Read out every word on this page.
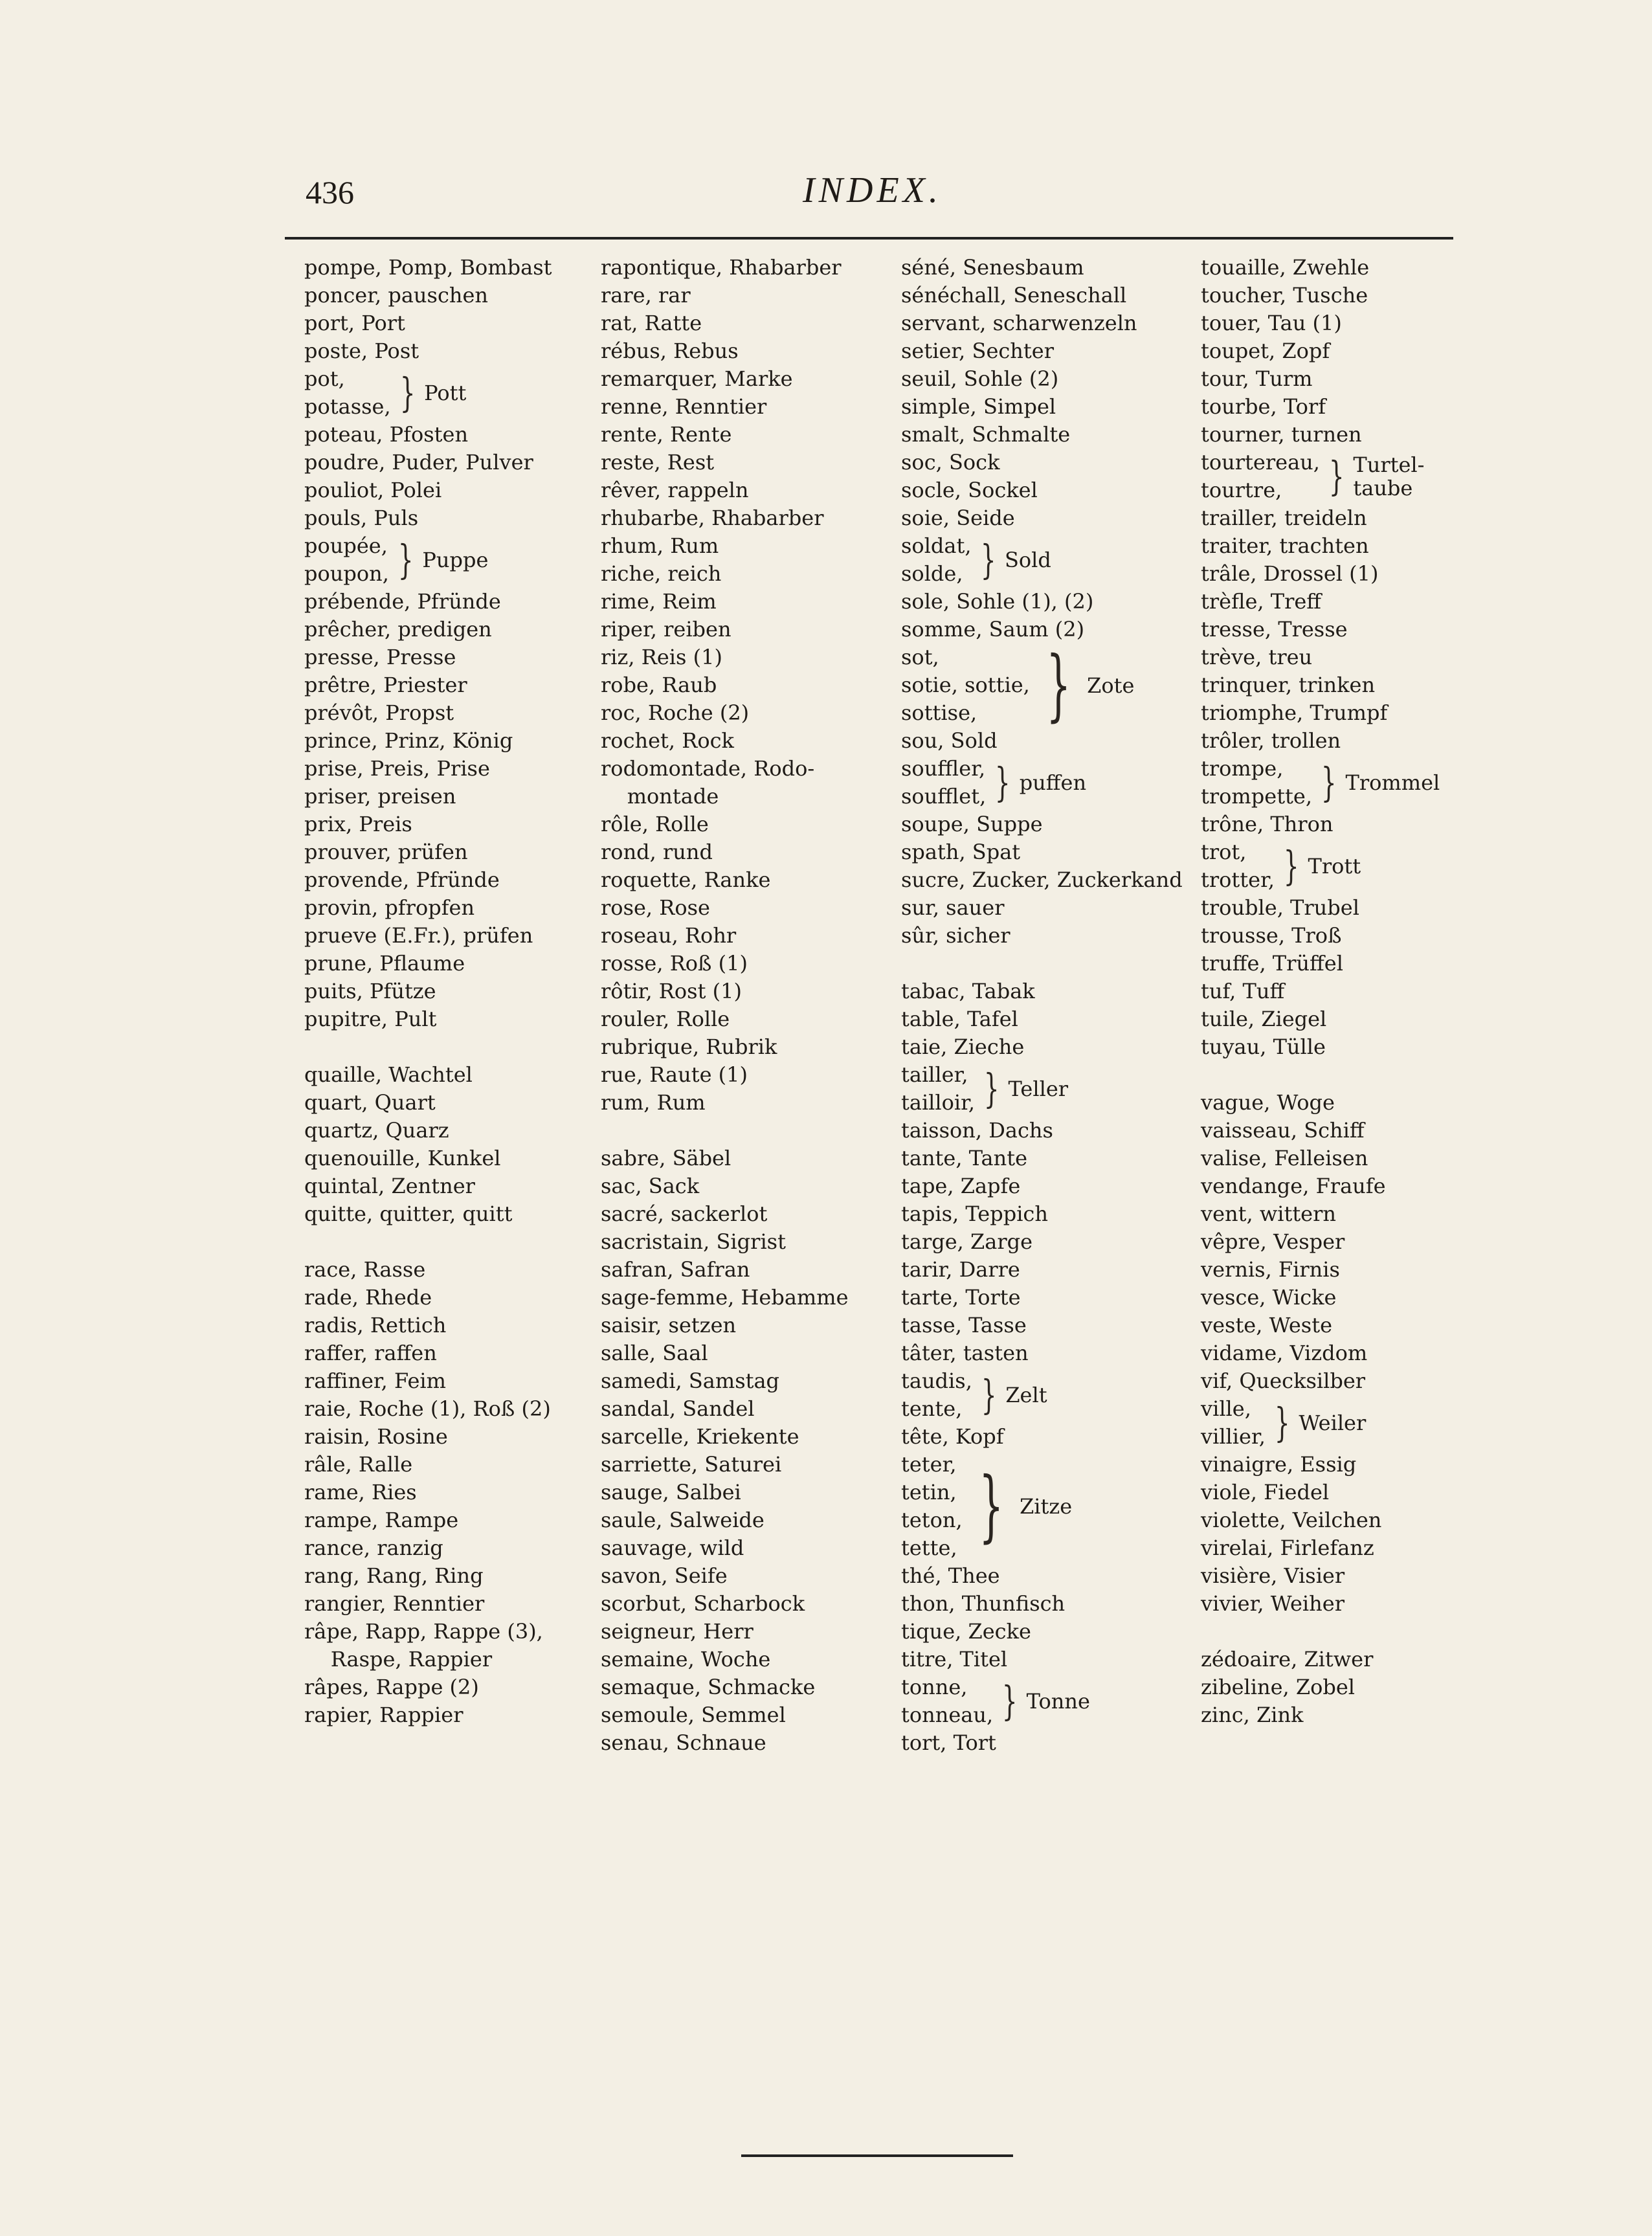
436	INDEX.
pompe, Pomp, Bombast
poncer, pauschen
port, Port
poste, Post
pot,
potasse, } Pott
poteau, Pfosten
poudre, Puder, Pulver
pouliot, Polei
pouls, Puls
poupée,
poupon, } Puppe
prébende, Pfründe
prêcher, predigen
presse, Presse
prêtre, Priester
prévôt, Propst
prince, Prinz, König
prise, Preis, Prise
priser, preisen
prix, Preis
prouver, prüfen
provende, Pfründe
provin, pfropfen
prueve (E.Fr.), prüfen
prune, Pflaume
puits, Pfütze
pupitre, Pult
quaille, Wachtel
quart, Quart
quartz, Quarz
quenouille, Kunkel
quintal, Zentner
quitte, quitter, quitt
race, Rasse
rade, Rhede
radis, Rettich
raffer, raffen
raffiner, Feim
raie, Roche (1), Roß (2)
raisin, Rosine
râle, Ralle
rame, Ries
rampe, Rampe
rance, ranzig
rang, Rang, Ring
rangier, Renntier
râpe, Rapp, Rappe (3),
Raspe, Rappier
râpes, Rappe (2)
rapier, Rappier
rapontique, Rhabarber
rare, rar
rat, Ratte
rébus, Rebus
remarquer, Marke
renne, Renntier
rente, Rente
reste, Rest
rêver, rappeln
rhubarbe, Rhabarber
rhum, Rum
riche, reich
rime, Reim
riper, reiben
riz, Reis (1)
robe, Raub
roc, Roche (2)
rochet, Rock
rodomontade, Rodo-
montade
rôle, Rolle
rond, rund
roquette, Ranke
rose, Rose
roseau, Rohr
rosse, Roß (1)
rôtir, Rost (1)
rouler, Rolle
rubrique, Rubrik
rue, Raute (1)
rum, Rum
sabre, Säbel
sac, Sack
sacré, sackerlot
sacristain, Sigrist
safran, Safran
sage-femme, Hebamme
saisir, setzen
salle, Saal
samedi, Samstag
sandal, Sandel
sarcelle, Kriekente
sarriette, Saturei
sauge, Salbei
saule, Salweide
sauvage, wild
savon, Seife
scorbut, Scharbock
seigneur, Herr
semaine, Woche
semaque, Schmacke
semoule, Semmel
senau, Schnaue
séné, Senesbaum
sénéchall, Seneschall
servant, scharwenzeln
setier, Sechter
seuil, Sohle (2)
simple, Simpel
smalt, Schmalte
soc, Sock
socle, Sockel
soie, Seide
soldat,
solde, } Sold
sole, Sohle (1), (2)
somme, Saum (2)
sot,
sotie, sottie,
sottise, } Zote
sou, Sold
souffler,
soufflet, } puffen
soupe, Suppe
spath, Spat
sucre, Zucker, Zuckerkand
sur, sauer
sûr, sicher
tabac, Tabak
table, Tafel
taie, Zieche
tailler,
tailloir, } Teller
taisson, Dachs
tante, Tante
tape, Zapfe
tapis, Teppich
targe, Zarge
tarir, Darre
tarte, Torte
tasse, Tasse
tâter, tasten
taudis,
tente, } Zelt
tête, Kopf
teter,
tetin,
teton,
tette, } Zitze
thé, Thee
thon, Thunfisch
tique, Zecke
titre, Titel
tonne,
tonneau, } Tonne
tort, Tort
touaille, Zwehle
toucher, Tusche
touer, Tau (1)
toupet, Zopf
tour, Turm
tourbe, Torf
tourner, turnen
tourtereau,
tourtre,	} Turtel-
taube
trailler, treideln
traiter, trachten
trâle, Drossel (1)
trèfle, Treff
tresse, Tresse
trève, treu
trinquer, trinken
triomphe, Trumpf
trôler, trollen
trompe,
trompette, } Trommel
trône, Thron
trot,
trotter, } Trott
trouble, Trubel
trousse, Troß
truffe, Trüffel
tuf, Tuff
tuile, Ziegel
tuyau, Tülle
vague, Woge
vaisseau, Schiff
valise, Felleisen
vendange, Fraufe
vent, wittern
vêpre, Vesper
vernis, Firnis
vesce, Wicke
veste, Weste
vidame, Vizdom
vif, Quecksilber
ville,
villier, } Weiler
vinaigre, Essig
viole, Fiedel
violette, Veilchen
virelai, Firlefanz
visière, Visier
vivier, Weiher
zédoaire, Zitwer
zibeline, Zobel
zinc, Zink
